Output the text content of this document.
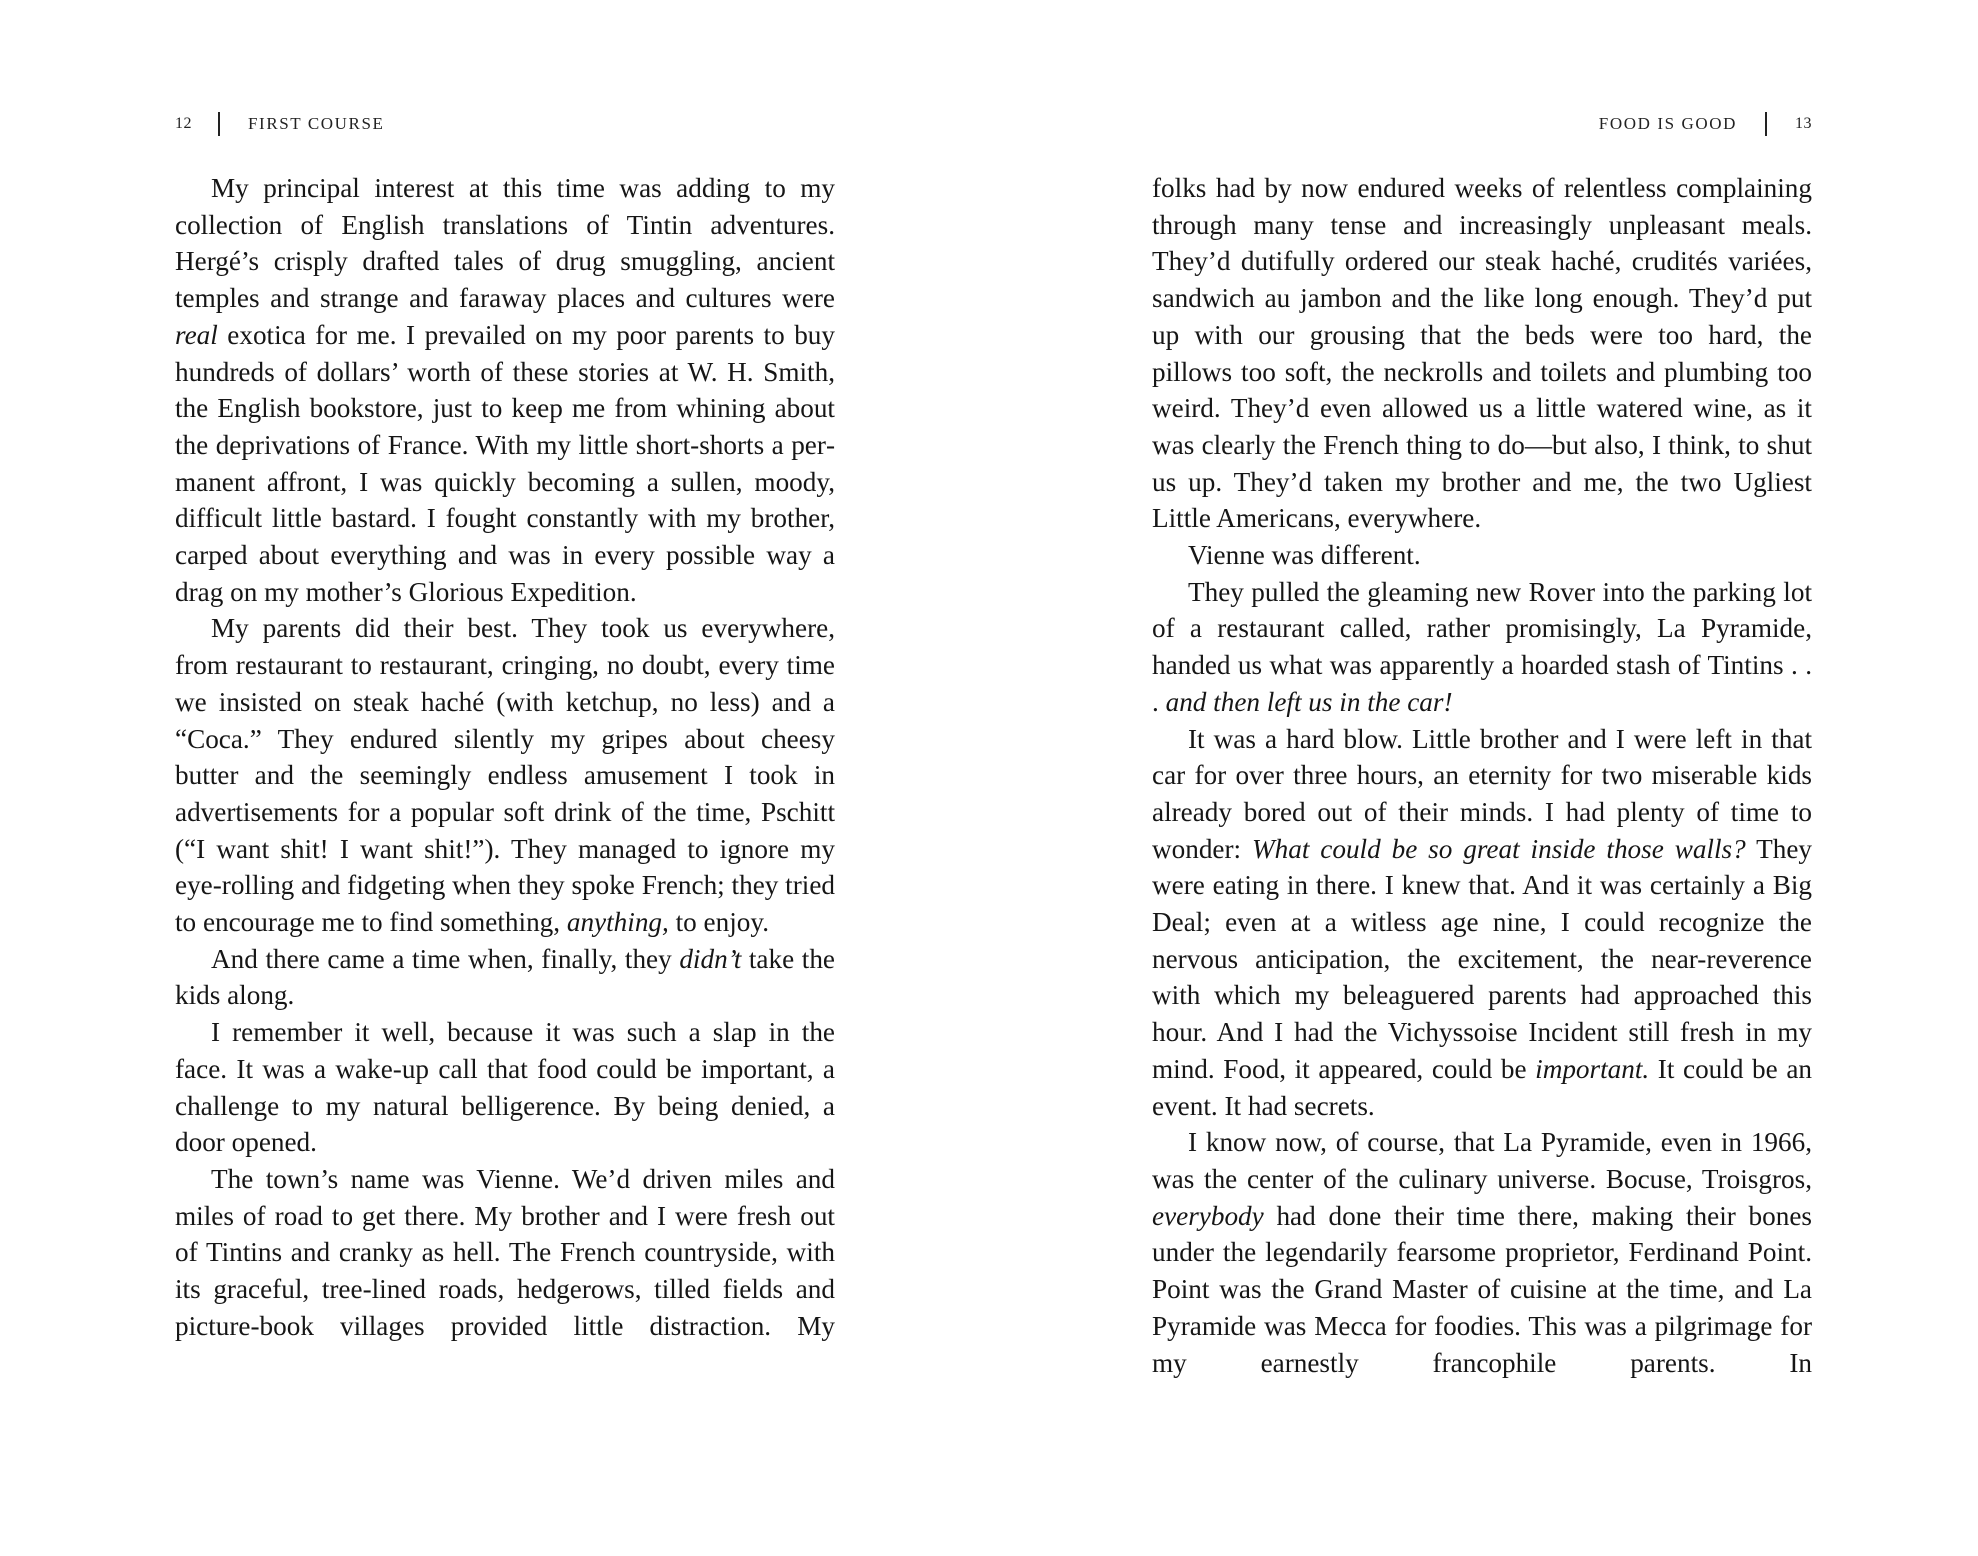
12	FIRST COURSE

My principal interest at this time was adding to my collection of English translations of Tintin adventures. Hergé’s crisply drafted tales of drug smuggling, ancient temples and strange and faraway places and cultures were real exotica for me. I prevailed on my poor parents to buy hundreds of dollars’ worth of these stories at W. H. Smith, the English bookstore, just to keep me from whining about the deprivations of France. With my little short-shorts a permanent affront, I was quickly becoming a sullen, moody, difficult little bastard. I fought constantly with my brother, carped about everything and was in every possible way a drag on my mother’s Glorious Expedition.

My parents did their best. They took us everywhere, from restaurant to restaurant, cringing, no doubt, every time we insisted on steak haché (with ketchup, no less) and a “Coca.” They endured silently my gripes about cheesy butter and the seemingly endless amusement I took in advertisements for a popular soft drink of the time, Pschitt (“I want shit! I want shit!”). They managed to ignore my eye-rolling and fidgeting when they spoke French; they tried to encourage me to find something, anything, to enjoy.

And there came a time when, finally, they didn’t take the kids along.

I remember it well, because it was such a slap in the face. It was a wake-up call that food could be important, a challenge to my natural belligerence. By being denied, a door opened.

The town’s name was Vienne. We’d driven miles and miles of road to get there. My brother and I were fresh out of Tintins and cranky as hell. The French countryside, with its graceful, tree-lined roads, hedgerows, tilled fields and picture-book villages provided little distraction. My

FOOD IS GOOD	13

folks had by now endured weeks of relentless complaining through many tense and increasingly unpleasant meals. They’d dutifully ordered our steak haché, crudités variées, sandwich au jambon and the like long enough. They’d put up with our grousing that the beds were too hard, the pillows too soft, the neckrolls and toilets and plumbing too weird. They’d even allowed us a little watered wine, as it was clearly the French thing to do—but also, I think, to shut us up. They’d taken my brother and me, the two Ugliest Little Americans, everywhere.

Vienne was different.

They pulled the gleaming new Rover into the parking lot of a restaurant called, rather promisingly, La Pyramide, handed us what was apparently a hoarded stash of Tintins . . . and then left us in the car!

It was a hard blow. Little brother and I were left in that car for over three hours, an eternity for two miserable kids already bored out of their minds. I had plenty of time to wonder: What could be so great inside those walls? They were eating in there. I knew that. And it was certainly a Big Deal; even at a witless age nine, I could recognize the nervous anticipation, the excitement, the near-reverence with which my beleaguered parents had approached this hour. And I had the Vichyssoise Incident still fresh in my mind. Food, it appeared, could be important. It could be an event. It had secrets.

I know now, of course, that La Pyramide, even in 1966, was the center of the culinary universe. Bocuse, Troisgros, everybody had done their time there, making their bones under the legendarily fearsome proprietor, Ferdinand Point. Point was the Grand Master of cuisine at the time, and La Pyramide was Mecca for foodies. This was a pilgrimage for my earnestly francophile parents. In
